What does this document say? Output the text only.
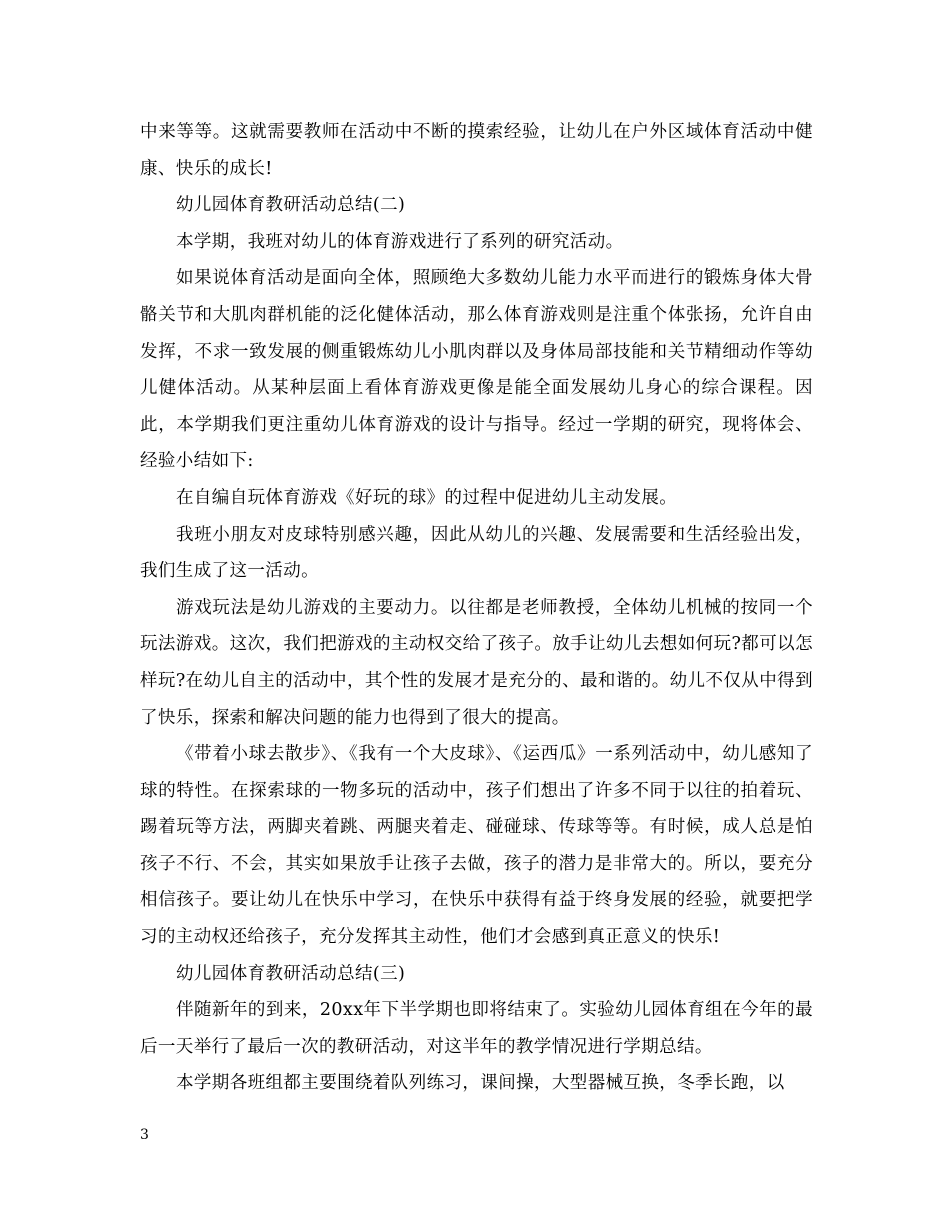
中来等等。这就需要教师在活动中不断的摸索经验，让幼儿在户外区域体育活动中健康、快乐的成长!

幼儿园体育教研活动总结(二)

本学期，我班对幼儿的体育游戏进行了系列的研究活动。

如果说体育活动是面向全体，照顾绝大多数幼儿能力水平而进行的锻炼身体大骨骼关节和大肌肉群机能的泛化健体活动，那么体育游戏则是注重个体张扬，允许自由发挥，不求一致发展的侧重锻炼幼儿小肌肉群以及身体局部技能和关节精细动作等幼儿健体活动。从某种层面上看体育游戏更像是能全面发展幼儿身心的综合课程。因此，本学期我们更注重幼儿体育游戏的设计与指导。经过一学期的研究，现将体会、经验小结如下:

在自编自玩体育游戏《好玩的球》的过程中促进幼儿主动发展。

我班小朋友对皮球特别感兴趣，因此从幼儿的兴趣、发展需要和生活经验出发，我们生成了这一活动。

游戏玩法是幼儿游戏的主要动力。以往都是老师教授，全体幼儿机械的按同一个玩法游戏。这次，我们把游戏的主动权交给了孩子。放手让幼儿去想如何玩?都可以怎样玩?在幼儿自主的活动中，其个性的发展才是充分的、最和谐的。幼儿不仅从中得到了快乐，探索和解决问题的能力也得到了很大的提高。

《带着小球去散步》、《我有一个大皮球》、《运西瓜》一系列活动中，幼儿感知了球的特性。在探索球的一物多玩的活动中，孩子们想出了许多不同于以往的拍着玩、踢着玩等方法，两脚夹着跳、两腿夹着走、碰碰球、传球等等。有时候，成人总是怕孩子不行、不会，其实如果放手让孩子去做，孩子的潜力是非常大的。所以，要充分相信孩子。要让幼儿在快乐中学习，在快乐中获得有益于终身发展的经验，就要把学习的主动权还给孩子，充分发挥其主动性，他们才会感到真正意义的快乐!

幼儿园体育教研活动总结(三)

伴随新年的到来，20xx年下半学期也即将结束了。实验幼儿园体育组在今年的最后一天举行了最后一次的教研活动，对这半年的教学情况进行学期总结。

本学期各班组都主要围绕着队列练习，课间操，大型器械互换，冬季长跑，以

3
